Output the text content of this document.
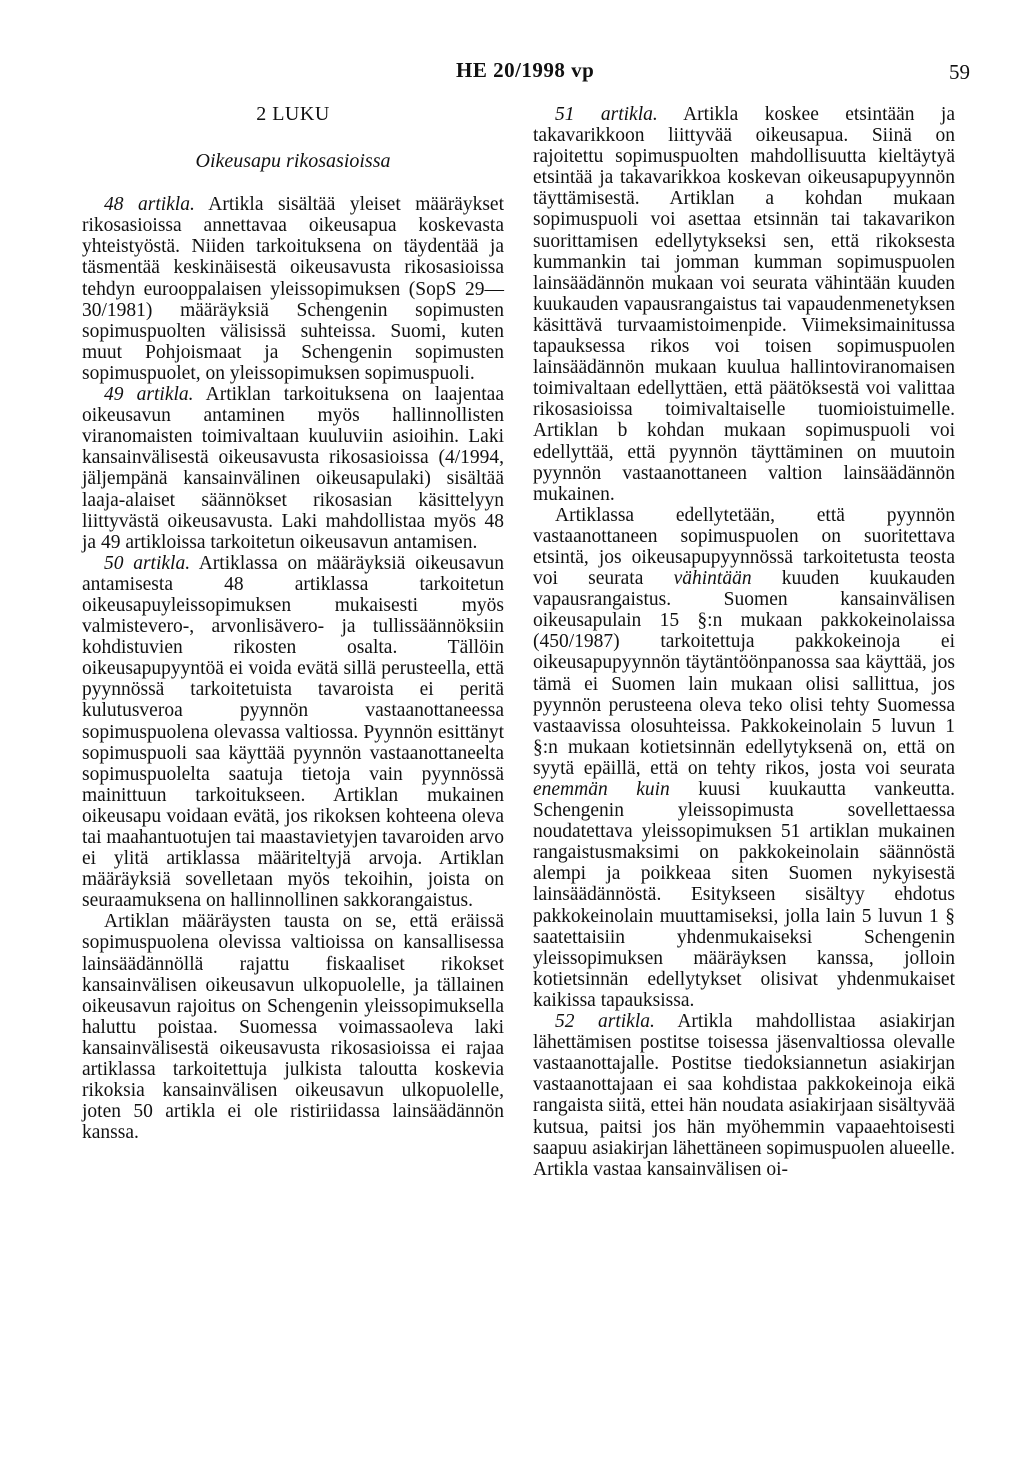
HE 20/1998 vp	59
2 LUKU
Oikeusapu rikosasioissa

48 artikla. Artikla sisältää yleiset määräykset rikosasioissa annettavaa oikeusapua koskevasta yhteistyöstä. Niiden tarkoituksena on täydentää ja täsmentää keskinäisestä oikeusavusta rikosasioissa tehdyn eurooppalaisen yleissopimuksen (SopS 29—30/1981) määräyksiä Schengenin sopimusten sopimuspuolten välisissä suhteissa. Suomi, kuten muut Pohjoismaat ja Schengenin sopimusten sopimuspuolet, on yleissopimuksen sopimuspuoli.

49 artikla. Artiklan tarkoituksena on laajentaa oikeusavun antaminen myös hallinnollisten viranomaisten toimivaltaan kuuluviin asioihin. Laki kansainvälisestä oikeusavusta rikosasioissa (4/1994, jäljempänä kansainvälinen oikeusapulaki) sisältää laaja-alaiset säännökset rikosasian käsittelyyn liittyvästä oikeusavusta. Laki mahdollistaa myös 48 ja 49 artikloissa tarkoitetun oikeusavun antamisen.

50 artikla. Artiklassa on määräyksiä oikeusavun antamisesta 48 artiklassa tarkoitetun oikeusapuyleissopimuksen mukaisesti myös valmistevero-, arvonlisävero- ja tullissäännöksiin kohdistuvien rikosten osalta. Tällöin oikeusapupyyntöä ei voida evätä sillä perusteella, että pyynnössä tarkoitetuista tavaroista ei peritä kulutusveroa pyynnön vastaanottaneessa sopimuspuolena olevassa valtiossa. Pyynnön esittänyt sopimuspuoli saa käyttää pyynnön vastaanottaneelta sopimuspuolelta saatuja tietoja vain pyynnössä mainittuun tarkoitukseen. Artiklan mukainen oikeusapu voidaan evätä, jos rikoksen kohteena oleva tai maahantuotujen tai maastavietyjen tavaroiden arvo ei ylitä artiklassa määriteltyjä arvoja. Artiklan määräyksiä sovelletaan myös tekoihin, joista on seuraamuksena on hallinnollinen sakkorangaistus.

Artiklan määräysten tausta on se, että eräissä sopimuspuolena olevissa valtioissa on kansallisessa lainsäädännöllä rajattu fiskaaliset rikokset kansainvälisen oikeusavun ulkopuolelle, ja tällainen oikeusavun rajoitus on Schengenin yleissopimuksella haluttu poistaa. Suomessa voimassaoleva laki kansainvälisestä oikeusavusta rikosasioissa ei rajaa artiklassa tarkoitettuja julkista taloutta koskevia rikoksia kansainvälisen oikeusavun ulkopuolelle, joten 50 artikla ei ole ristiriidassa lainsäädännön kanssa.

51 artikla. Artikla koskee etsintään ja takavarikkoon liittyvää oikeusapua. Siinä on rajoitettu sopimuspuolten mahdollisuutta kieltäytyä etsintää ja takavarikkoa koskevan oikeusapupyynnön täyttämisestä. Artiklan a kohdan mukaan sopimuspuoli voi asettaa etsinnän tai takavarikon suorittamisen edellytykseksi sen, että rikoksesta kummankin tai jomman kumman sopimuspuolen lainsäädännön mukaan voi seurata vähintään kuuden kuukauden vapausrangaistus tai vapaudenmenetyksen käsittävä turvaamistoimenpide. Viimeksimainitussa tapauksessa rikos voi toisen sopimuspuolen lainsäädännön mukaan kuulua hallintoviranomaisen toimivaltaan edellyttäen, että päätöksestä voi valittaa rikosasioissa toimivaltaiselle tuomioistuimelle. Artiklan b kohdan mukaan sopimuspuoli voi edellyttää, että pyynnön täyttäminen on muutoin pyynnön vastaanottaneen valtion lainsäädännön mukainen.

Artiklassa edellytetään, että pyynnön vastaanottaneen sopimuspuolen on suoritettava etsintä, jos oikeusapupyynnössä tarkoitetusta teosta voi seurata vähintään kuuden kuukauden vapausrangaistus. Suomen kansainvälisen oikeusapulain 15 §:n mukaan pakkokeinolaissa (450/1987) tarkoitettuja pakkokeinoja ei oikeusapupyynnön täytäntöönpanossa saa käyttää, jos tämä ei Suomen lain mukaan olisi sallittua, jos pyynnön perusteena oleva teko olisi tehty Suomessa vastaavissa olosuhteissa. Pakkokeinolain 5 luvun 1 §:n mukaan kotietsinnän edellytyksenä on, että on syytä epäillä, että on tehty rikos, josta voi seurata enemmän kuin kuusi kuukautta vankeutta. Schengenin yleissopimusta sovellettaessa noudatettava yleissopimuksen 51 artiklan mukainen rangaistusmaksimi on pakkokeinolain säännöstä alempi ja poikkeaa siten Suomen nykyisestä lainsäädännöstä. Esitykseen sisältyy ehdotus pakkokeinolain muuttamiseksi, jolla lain 5 luvun 1 § saatettaisiin yhdenmukaiseksi Schengenin yleissopimuksen määräyksen kanssa, jolloin kotietsinnän edellytykset olisivat yhdenmukaiset kaikissa tapauksissa.

52 artikla. Artikla mahdollistaa asiakirjan lähettämisen postitse toisessa jäsenvaltiossa olevalle vastaanottajalle. Postitse tiedoksiannetun asiakirjan vastaanottajaan ei saa kohdistaa pakkokeinoja eikä rangaista siitä, ettei hän noudata asiakirjaan sisältyvää kutsua, paitsi jos hän myöhemmin vapaaehtoisesti saapuu asiakirjan lähettäneen sopimuspuolen alueelle. Artikla vastaa kansainvälisen oi-
